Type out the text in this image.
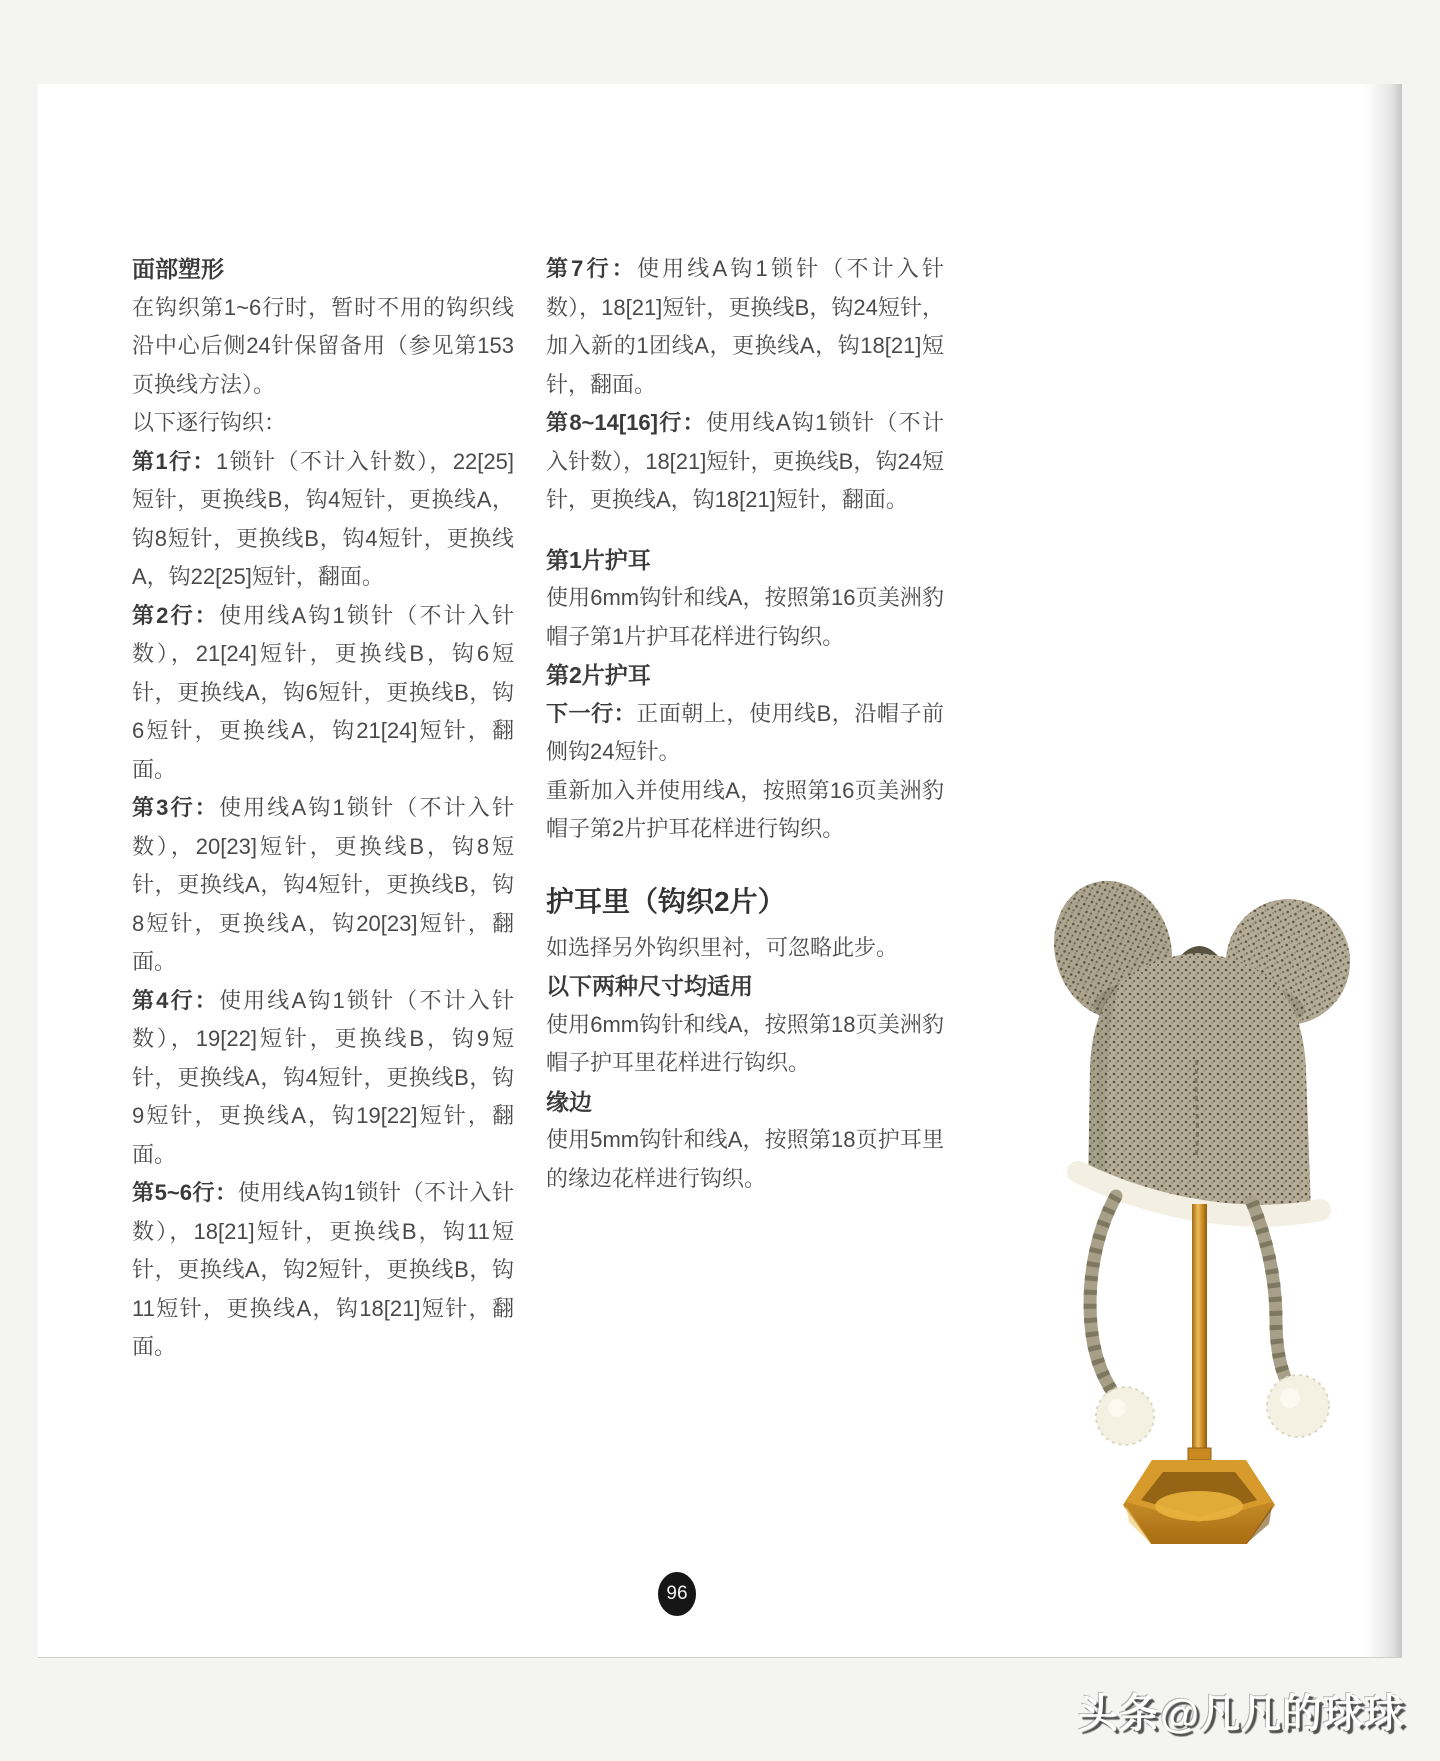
面部塑形

在钩织第1~6行时，暂时不用的钩织线沿中心后侧24针保留备用（参见第153页换线方法）。

以下逐行钩织：

第1行：1锁针（不计入针数），22[25]短针，更换线B，钩4短针，更换线A，钩8短针，更换线B，钩4短针，更换线A，钩22[25]短针，翻面。

第2行：使用线A钩1锁针（不计入针数），21[24]短针，更换线B，钩6短针，更换线A，钩6短针，更换线B，钩6短针，更换线A，钩21[24]短针，翻面。

第3行：使用线A钩1锁针（不计入针数），20[23]短针，更换线B，钩8短针，更换线A，钩4短针，更换线B，钩8短针，更换线A，钩20[23]短针，翻面。

第4行：使用线A钩1锁针（不计入针数），19[22]短针，更换线B，钩9短针，更换线A，钩4短针，更换线B，钩9短针，更换线A，钩19[22]短针，翻面。

第5~6行：使用线A钩1锁针（不计入针数），18[21]短针，更换线B，钩11短针，更换线A，钩2短针，更换线B，钩11短针，更换线A，钩18[21]短针，翻面。

第7行：使用线A钩1锁针（不计入针数），18[21]短针，更换线B，钩24短针，加入新的1团线A，更换线A，钩18[21]短针，翻面。

第8~14[16]行：使用线A钩1锁针（不计入针数），18[21]短针，更换线B，钩24短针，更换线A，钩18[21]短针，翻面。

第1片护耳

使用6mm钩针和线A，按照第16页美洲豹帽子第1片护耳花样进行钩织。

第2片护耳

下一行：正面朝上，使用线B，沿帽子前侧钩24短针。

重新加入并使用线A，按照第16页美洲豹帽子第2片护耳花样进行钩织。

护耳里（钩织2片）

如选择另外钩织里衬，可忽略此步。

以下两种尺寸均适用

使用6mm钩针和线A，按照第18页美洲豹帽子护耳里花样进行钩织。

缘边

使用5mm钩针和线A，按照第18页护耳里的缘边花样进行钩织。

96
头条@凡凡的球球
